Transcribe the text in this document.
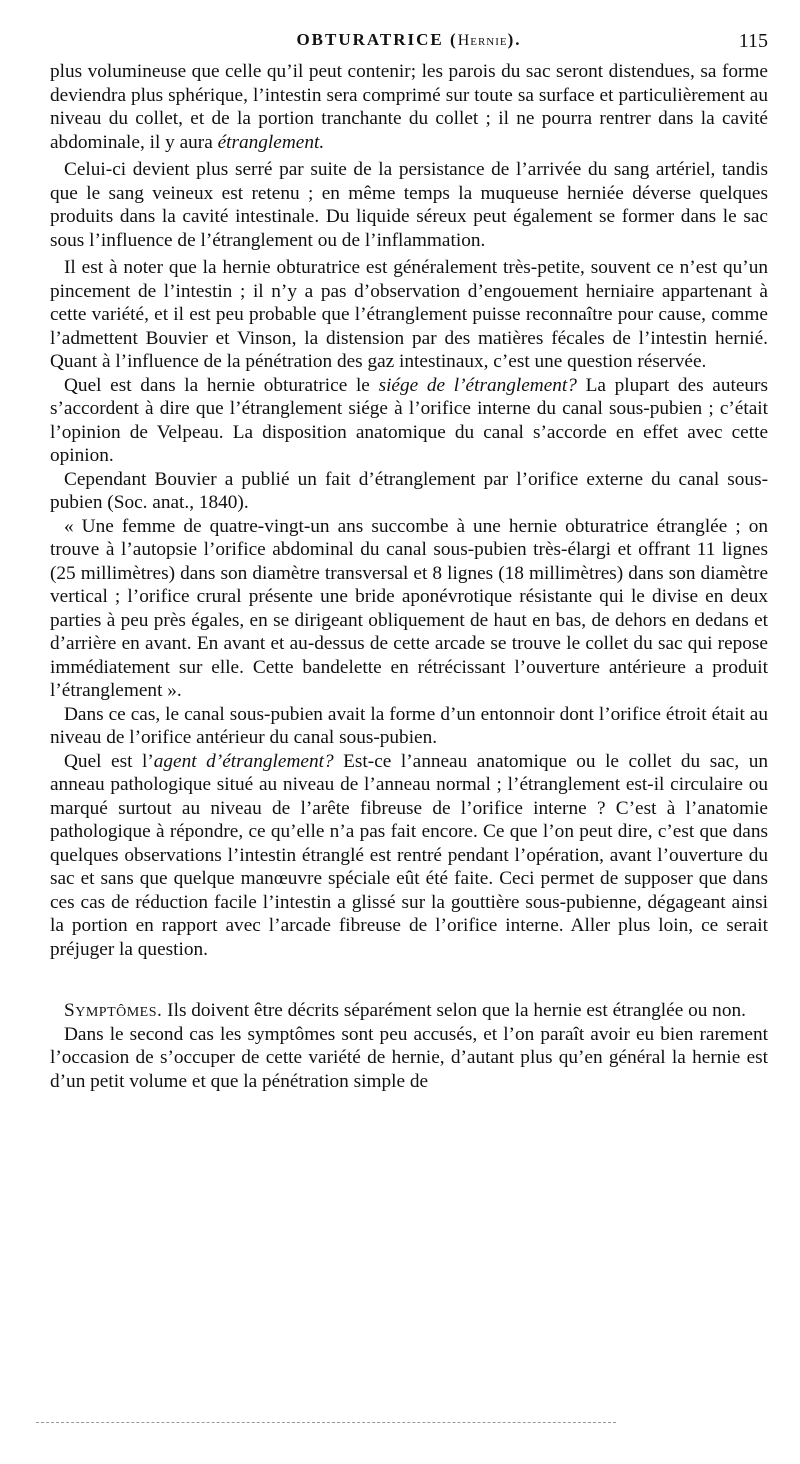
OBTURATRICE (Hernie).	115

plus volumineuse que celle qu’il peut contenir; les parois du sac seront distendues, sa forme deviendra plus sphérique, l’intestin sera comprimé sur toute sa surface et particulièrement au niveau du collet, et de la portion tranchante du collet ; il ne pourra rentrer dans la cavité abdominale, il y aura étranglement.

Celui-ci devient plus serré par suite de la persistance de l’arrivée du sang artériel, tandis que le sang veineux est retenu ; en même temps la muqueuse herniée déverse quelques produits dans la cavité intestinale. Du liquide séreux peut également se former dans le sac sous l’influence de l’étranglement ou de l’inflammation.

Il est à noter que la hernie obturatrice est généralement très-petite, souvent ce n’est qu’un pincement de l’intestin ; il n’y a pas d’observation d’engouement herniaire appartenant à cette variété, et il est peu probable que l’étranglement puisse reconnaître pour cause, comme l’admettent Bouvier et Vinson, la distension par des matières fécales de l’intestin hernié. Quant à l’influence de la pénétration des gaz intestinaux, c’est une question réservée.

Quel est dans la hernie obturatrice le siége de l’étranglement? La plupart des auteurs s’accordent à dire que l’étranglement siége à l’orifice interne du canal sous-pubien ; c’était l’opinion de Velpeau. La disposition anatomique du canal s’accorde en effet avec cette opinion.

Cependant Bouvier a publié un fait d’étranglement par l’orifice externe du canal sous-pubien (Soc. anat., 1840).

« Une femme de quatre-vingt-un ans succombe à une hernie obturatrice étranglée ; on trouve à l’autopsie l’orifice abdominal du canal sous-pubien très-élargi et offrant 11 lignes (25 millimètres) dans son diamètre transversal et 8 lignes (18 millimètres) dans son diamètre vertical ; l’orifice crural présente une bride aponévrotique résistante qui le divise en deux parties à peu près égales, en se dirigeant obliquement de haut en bas, de dehors en dedans et d’arrière en avant. En avant et au-dessus de cette arcade se trouve le collet du sac qui repose immédiatement sur elle. Cette bandelette en rétrécissant l’ouverture antérieure a produit l’étranglement ».

Dans ce cas, le canal sous-pubien avait la forme d’un entonnoir dont l’orifice étroit était au niveau de l’orifice antérieur du canal sous-pubien.

Quel est l’agent d’étranglement? Est-ce l’anneau anatomique ou le collet du sac, un anneau pathologique situé au niveau de l’anneau normal ; l’étranglement est-il circulaire ou marqué surtout au niveau de l’arête fibreuse de l’orifice interne ? C’est à l’anatomie pathologique à répondre, ce qu’elle n’a pas fait encore. Ce que l’on peut dire, c’est que dans quelques observations l’intestin étranglé est rentré pendant l’opération, avant l’ouverture du sac et sans que quelque manœuvre spéciale eût été faite. Ceci permet de supposer que dans ces cas de réduction facile l’intestin a glissé sur la gouttière sous-pubienne, dégageant ainsi la portion en rapport avec l’arcade fibreuse de l’orifice interne. Aller plus loin, ce serait préjuger la question.

Symptômes. Ils doivent être décrits séparément selon que la hernie est étranglée ou non.

Dans le second cas les symptômes sont peu accusés, et l’on paraît avoir eu bien rarement l’occasion de s’occuper de cette variété de hernie, d’autant plus qu’en général la hernie est d’un petit volume et que la pénétration simple de
